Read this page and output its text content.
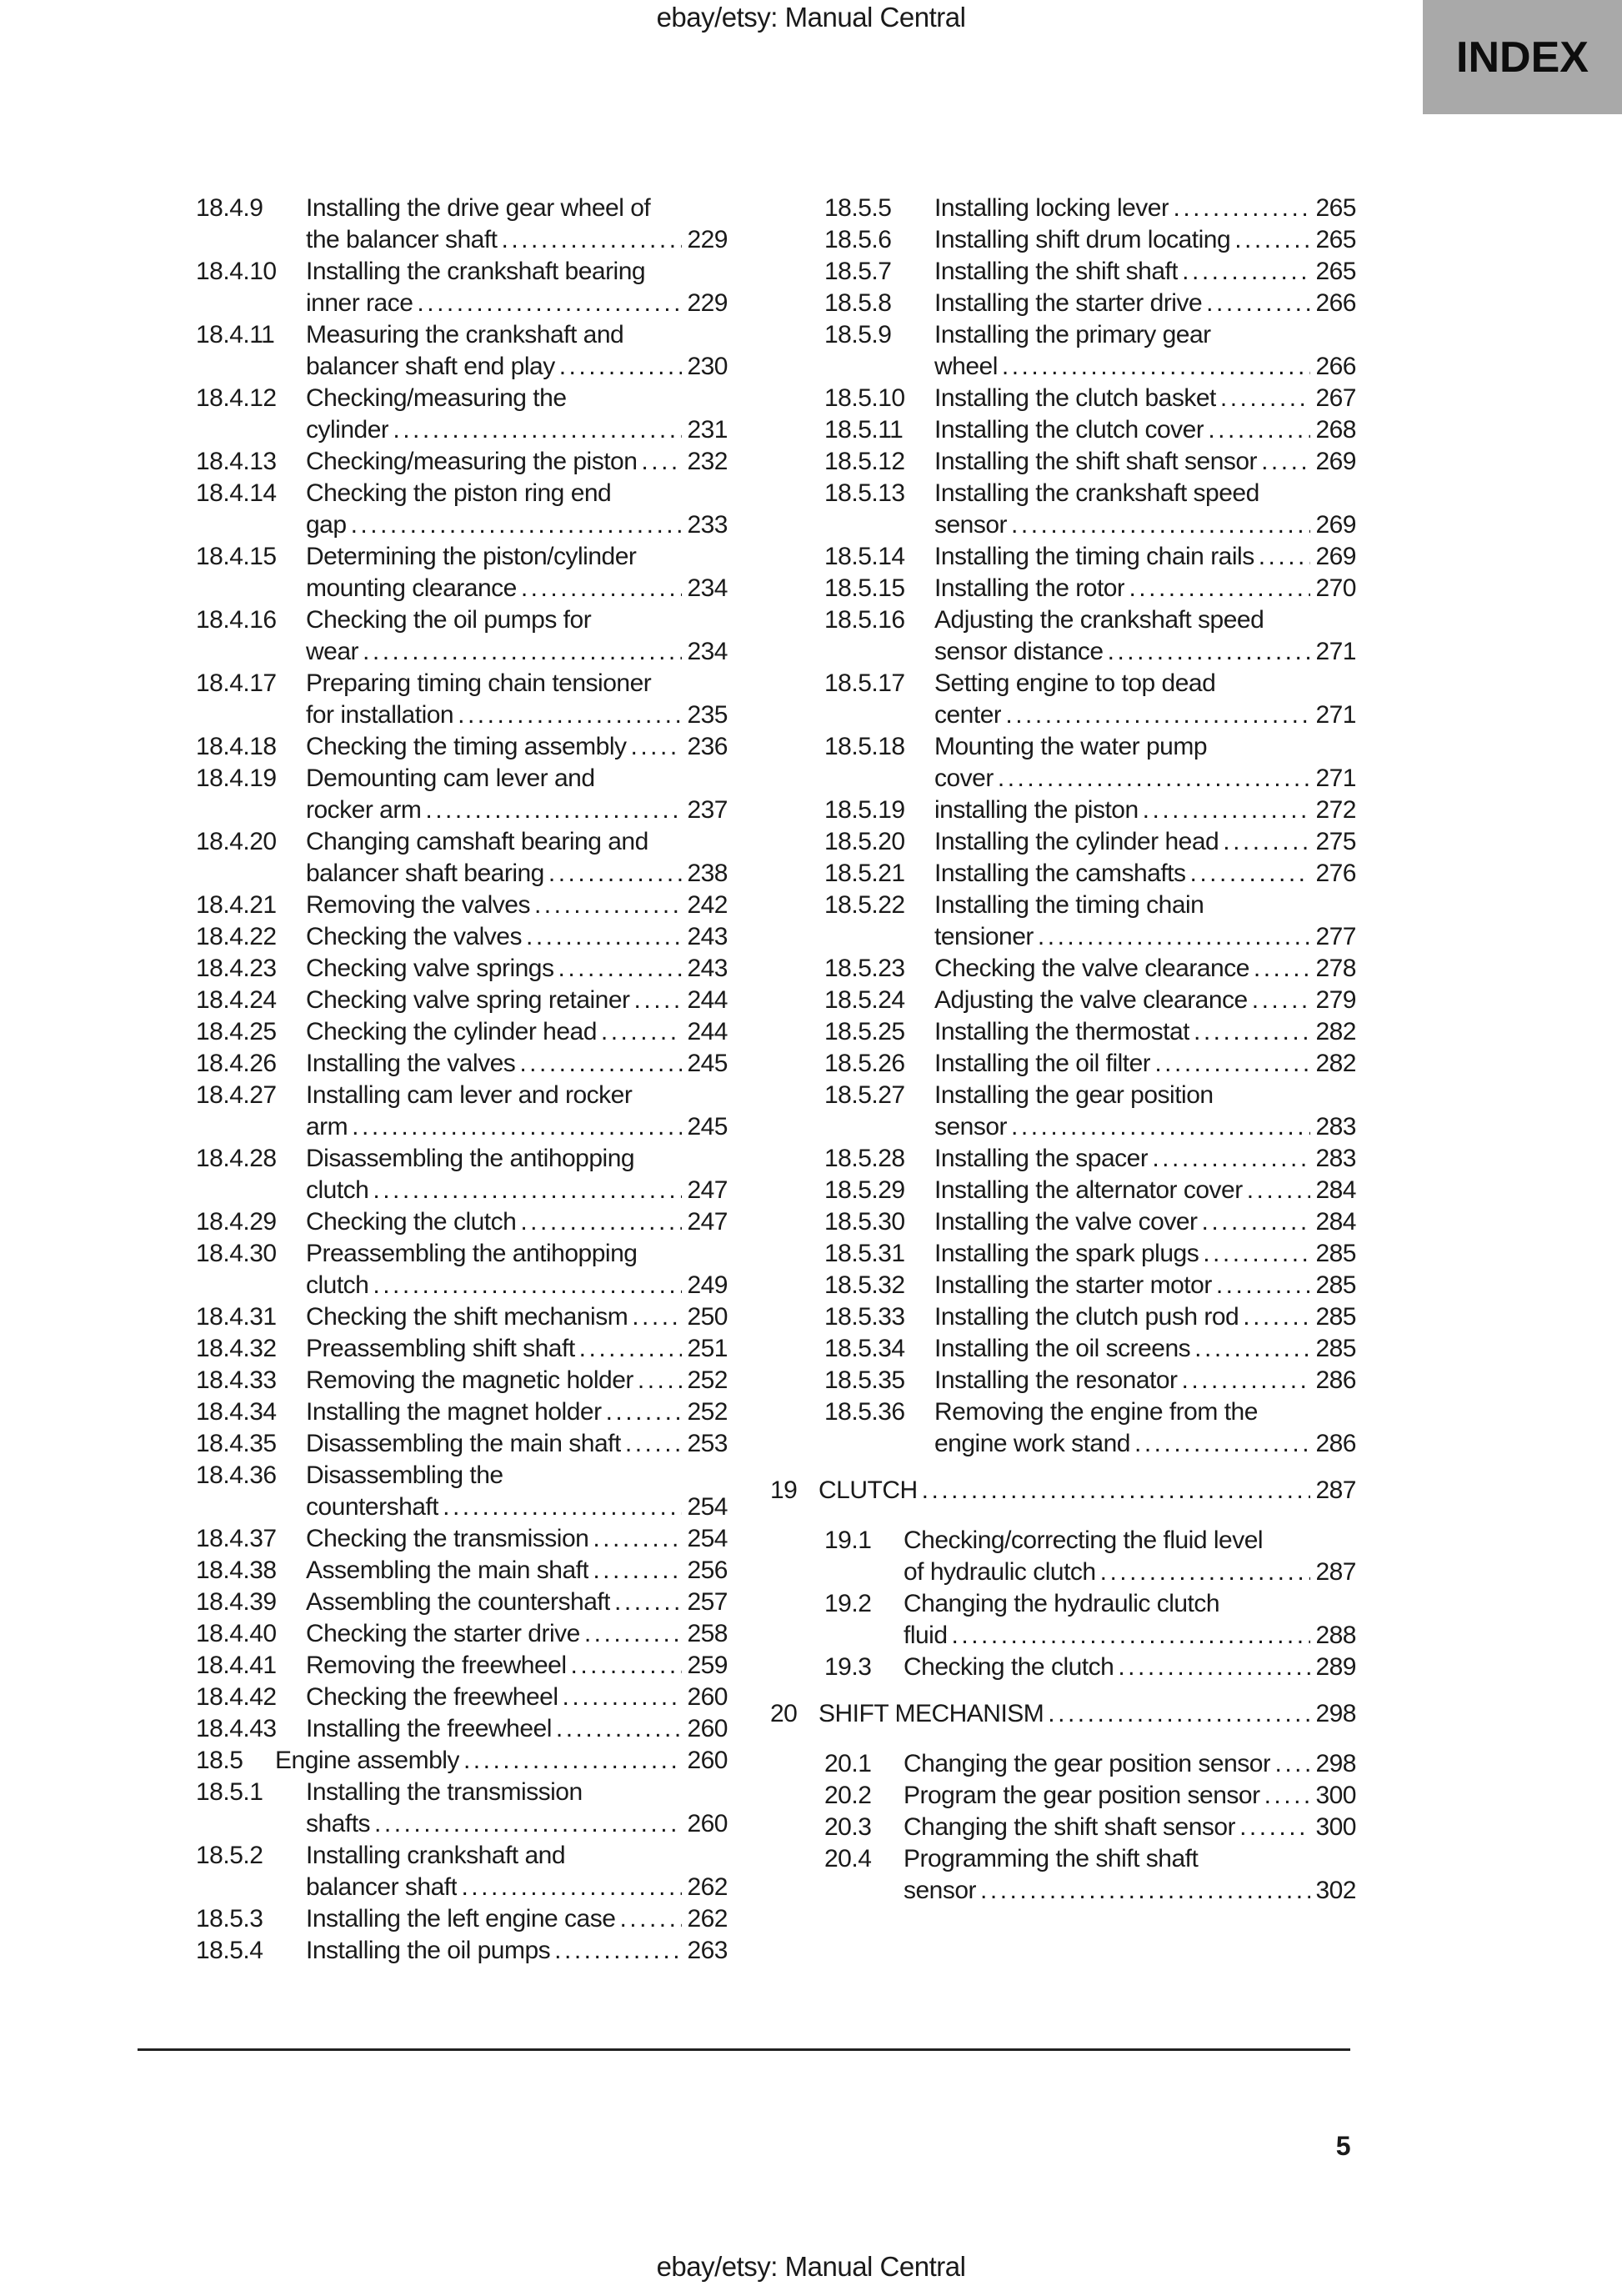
ebay/etsy: Manual Central
INDEX
18.4.9	Installing the drive gear wheel of
the balancer shaft .....	229
18.4.10	Installing the crankshaft bearing
inner race .....	229
18.4.11	Measuring the crankshaft and
balancer shaft end play .....	230
18.4.12	Checking/measuring the
cylinder .....	231
18.4.13	Checking/measuring the piston ..... 232
18.4.14	Checking the piston ring end
gap .....	233
18.4.15	Determining the piston/cylinder
mounting clearance .....	234
18.4.16	Checking the oil pumps for
wear .....	234
18.4.17	Preparing timing chain tensioner
for installation .....	235
18.4.18	Checking the timing assembly ..... 236
18.4.19	Demounting cam lever and
rocker arm .....	237
18.4.20	Changing camshaft bearing and
balancer shaft bearing .....	238
18.4.21	Removing the valves .....	242
18.4.22	Checking the valves .....	243
18.4.23	Checking valve springs .....	243
18.4.24	Checking valve spring retainer ..... 244
18.4.25	Checking the cylinder head .....	244
18.4.26	Installing the valves .....	245
18.4.27	Installing cam lever and rocker
arm .....	245
18.4.28	Disassembling the antihopping
clutch .....	247
18.4.29	Checking the clutch .....	247
18.4.30	Preassembling the antihopping
clutch .....	249
18.4.31	Checking the shift mechanism ..... 250
18.4.32	Preassembling shift shaft .....	251
18.4.33	Removing the magnetic holder ..... 252
18.4.34	Installing the magnet holder .....	252
18.4.35	Disassembling the main shaft .....	253
18.4.36	Disassembling the
countershaft .....	254
18.4.37	Checking the transmission .....	254
18.4.38	Assembling the main shaft .....	256
18.4.39	Assembling the countershaft .....	257
18.4.40	Checking the starter drive .....	258
18.4.41	Removing the freewheel .....	259
18.4.42	Checking the freewheel .....	260
18.4.43	Installing the freewheel .....	260
18.5	Engine assembly .....	260
18.5.1	Installing the transmission
shafts .....	260
18.5.2	Installing crankshaft and
balancer shaft .....	262
18.5.3	Installing the left engine case .....	262
18.5.4	Installing the oil pumps .....	263
18.5.5	Installing locking lever .....	265
18.5.6	Installing shift drum locating .....	265
18.5.7	Installing the shift shaft .....	265
18.5.8	Installing the starter drive .....	266
18.5.9	Installing the primary gear
wheel .....	266
18.5.10	Installing the clutch basket .....	267
18.5.11	Installing the clutch cover .....	268
18.5.12	Installing the shift shaft sensor ..... 269
18.5.13	Installing the crankshaft speed
sensor .....	269
18.5.14	Installing the timing chain rails ..... 269
18.5.15	Installing the rotor .....	270
18.5.16	Adjusting the crankshaft speed
sensor distance .....	271
18.5.17	Setting engine to top dead
center .....	271
18.5.18	Mounting the water pump
cover .....	271
18.5.19	installing the piston .....	272
18.5.20	Installing the cylinder head .....	275
18.5.21	Installing the camshafts .....	276
18.5.22	Installing the timing chain
tensioner .....	277
18.5.23	Checking the valve clearance .....	278
18.5.24	Adjusting the valve clearance .....	279
18.5.25	Installing the thermostat .....	282
18.5.26	Installing the oil filter .....	282
18.5.27	Installing the gear position
sensor .....	283
18.5.28	Installing the spacer .....	283
18.5.29	Installing the alternator cover .....	284
18.5.30	Installing the valve cover .....	284
18.5.31	Installing the spark plugs .....	285
18.5.32	Installing the starter motor .....	285
18.5.33	Installing the clutch push rod .....	285
18.5.34	Installing the oil screens .....	285
18.5.35	Installing the resonator .....	286
18.5.36	Removing the engine from the
engine work stand .....	286
19 CLUTCH .....	287
19.1	Checking/correcting the fluid level
of hydraulic clutch .....	287
19.2	Changing the hydraulic clutch
fluid .....	288
19.3	Checking the clutch .....	289
20 SHIFT MECHANISM .....	298
20.1	Changing the gear position sensor ..... 298
20.2	Program the gear position sensor ..... 300
20.3	Changing the shift shaft sensor .....	300
20.4	Programming the shift shaft
sensor .....	302
5
ebay/etsy: Manual Central
